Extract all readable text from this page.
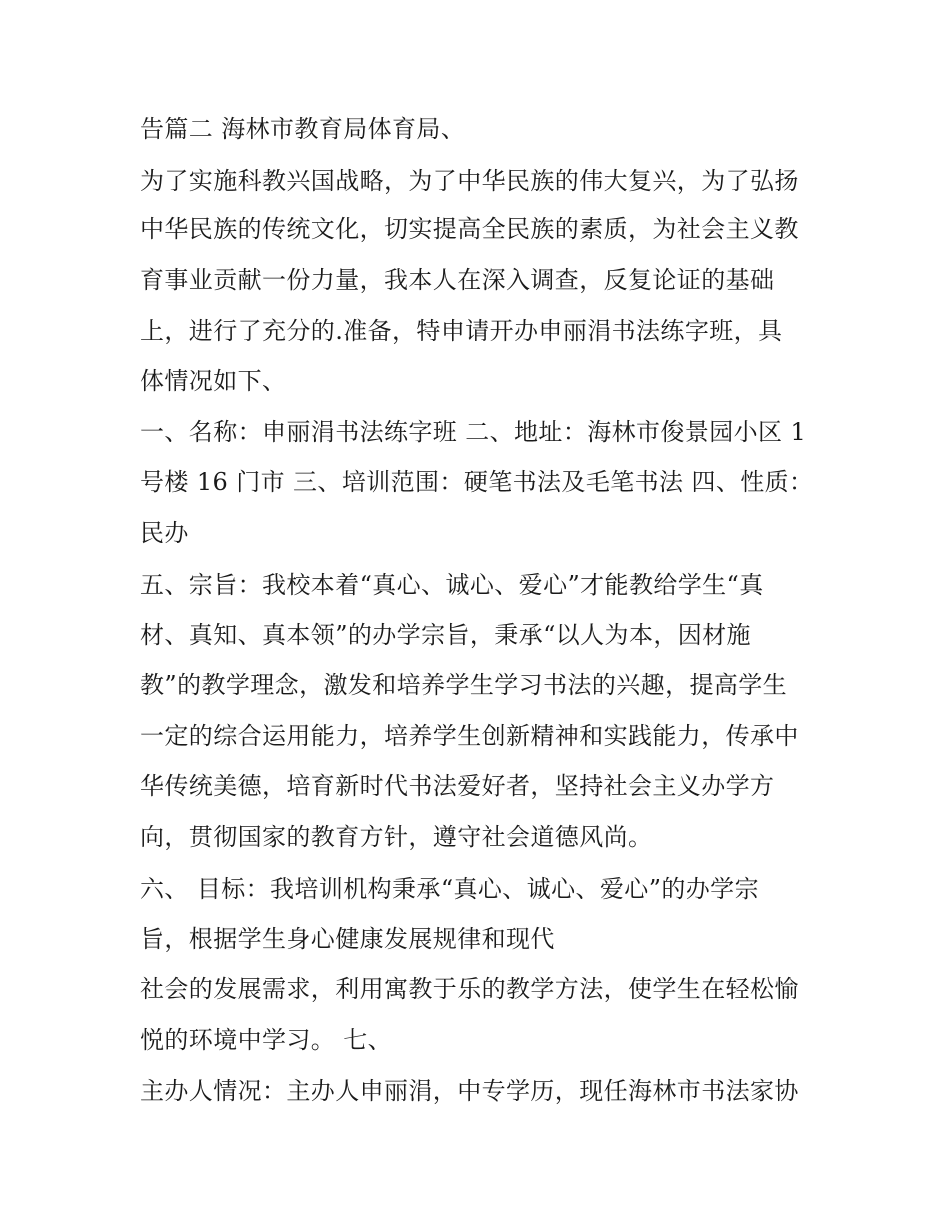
告篇二 海林市教育局体育局、

为了实施科教兴国战略，为了中华民族的伟大复兴，为了弘扬

中华民族的传统文化，切实提高全民族的素质，为社会主义教

育事业贡献一份力量，我本人在深入调查，反复论证的基础

上，进行了充分的.准备，特申请开办申丽涓书法练字班，具

体情况如下、

一、名称：申丽涓书法练字班 二、地址：海林市俊景园小区 1

号楼 16 门市 三、培训范围：硬笔书法及毛笔书法 四、性质：

民办

五、宗旨：我校本着“真心、诚心、爱心”才能教给学生“真

材、真知、真本领”的办学宗旨，秉承“以人为本，因材施

教”的教学理念，激发和培养学生学习书法的兴趣，提高学生

一定的综合运用能力，培养学生创新精神和实践能力，传承中

华传统美德，培育新时代书法爱好者，坚持社会主义办学方

向，贯彻国家的教育方针，遵守社会道德风尚。

六、 目标：我培训机构秉承“真心、诚心、爱心”的办学宗

旨，根据学生身心健康发展规律和现代

社会的发展需求，利用寓教于乐的教学方法，使学生在轻松愉

悦的环境中学习。 七、

主办人情况：主办人申丽涓，中专学历，现任海林市书法家协
